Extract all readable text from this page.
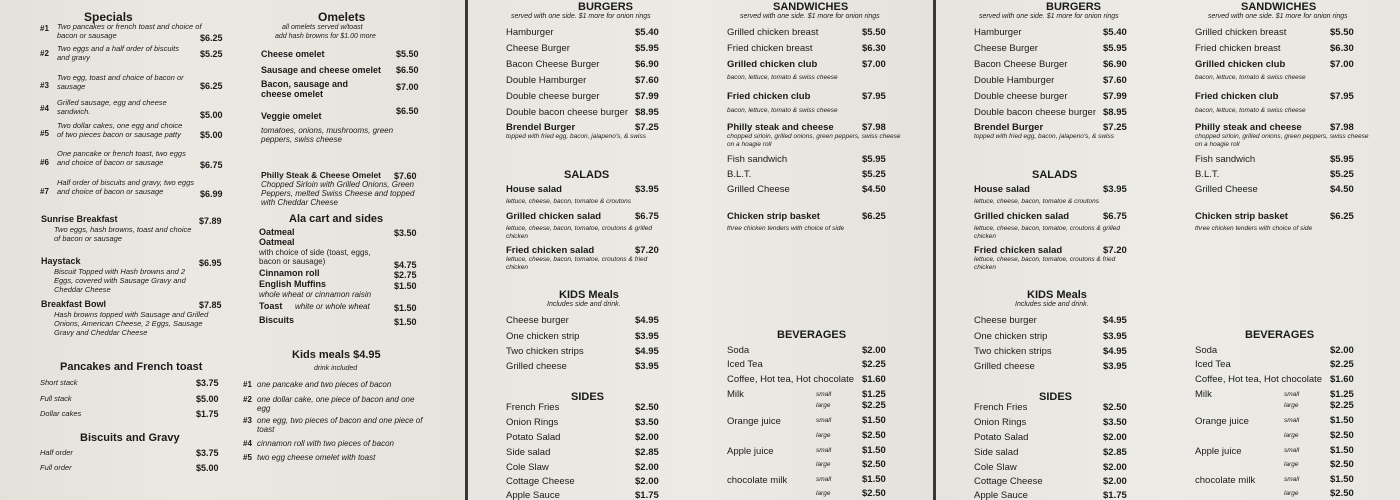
Specials
#1 Two pancakes or french toast and choice of bacon or sausage	$6.25
#2
Two eggs and a half order of biscuits and gravy	$5.25
#3
Two egg, toast and choice of bacon or sausage	$6.25
#4
Grilled sausage, egg and cheese sandwich.	$5.00
#5
Two dollar cakes, one egg and choice of two pieces bacon or sausage patty	$5.00
#6
One pancake or french toast, two eggs and choice of bacon or sausage	$6.75
#7
Half order of biscuits and gravy, two eggs and choice of bacon or sausage	$6.99
Sunrise Breakfast	$7.89
Two eggs, hash browns, toast and choice of bacon or sausage
Haystack	$6.95
Biscuit Topped with Hash browns and 2 Eggs, covered with Sausage Gravy and Cheddar Cheese
Breakfast Bowl	$7.85
Hash browns topped with Sausage and Grilled Onions, American Cheese, 2 Eggs, Sausage Gravy and Cheddar Cheese
Pancakes and French toast
Short stack	$3.75
Full stack	$5.00
Dollar cakes	$1.75
Biscuits and Gravy
Half order	$3.75
Full order	$5.00
Omelets
all omelets served w/toast
add hash browns for $1.00 more
Cheese omelet	$5.50
Sausage and cheese omelet $6.50
Bacon, sausage and cheese omelet
$7.00
Veggie omelet	$6.50
tomatoes, onions, mushrooms, green peppers, swiss cheese
Philly Steak & Cheese Omelet $7.60
Chopped Sirloin with Grilled Onions, Green Peppers, melted Swiss Cheese and topped with Cheddar Cheese
Ala cart and sides
Oatmeal	$3.50
Oatmeal
with choice of side (toast, eggs, bacon or sausage)	$4.75
Cinnamon roll	$2.75
English Muffins	$1.50
whole wheat or cinnamon raisin
Toast white or whole wheat	$1.50
Biscuits	$1.50
Kids meals $4.95
drink included
#1 one pancake and two pieces of bacon
#2 one dollar cake, one piece of bacon and one egg
#3 one egg, two pieces of bacon and one piece of toast
#4 cinnamon roll with two pieces of bacon
#5 two egg cheese omelet with toast
BURGERS
served with one side. $1 more for onion rings
Hamburger	$5.40
Cheese Burger	$5.95
Bacon Cheese Burger	$6.90
Double Hamburger	$7.60
Double cheese burger	$7.99
Double bacon cheese burger $8.95
Brendel Burger	$7.25
topped with fried egg, bacon, jalapeno's, & swiss
SALADS
House salad	$3.95
lettuce, cheese, bacon, tomatoe & croutons
Grilled chicken salad	$6.75
lettuce, cheese, bacon, tomatoe, croutons & grilled chicken
Fried chicken salad	$7.20
lettuce, cheese, bacon, tomatoe, croutons & fried chicken
KIDS Meals
Includes side and drink.
Cheese burger	$4.95
One chicken strip	$3.95
Two chicken strips	$4.95
Grilled cheese	$3.95
SIDES
French Fries	$2.50
Onion Rings	$3.50
Potato Salad	$2.00
Side salad	$2.85
Cole Slaw	$2.00
Cottage Cheese	$2.00
Apple Sauce	$1.75
SANDWICHES
served with one side. $1 more for onion rings
Grilled chicken breast	$5.50
Fried chicken breast	$6.30
Grilled chicken club	$7.00
bacon, lettuce, tomato & swiss cheese
Fried chicken club	$7.95
bacon, lettuce, tomato & swiss cheese
Philly steak and cheese	$7.98
chopped sirloin, grilled onions, green peppers, swiss cheese on a hoagie roll
Fish sandwich	$5.95
B.L.T.	$5.25
Grilled Cheese	$4.50
Chicken strip basket	$6.25
three chicken tenders with choice of side
BEVERAGES
Soda	$2.00
Iced Tea	$2.25
Coffee, Hot tea, Hot chocolate $1.60
Milk	small	$1.25
large	$2.25
Orange juice	small	$1.50
large	$2.50
Apple juice	small	$1.50
large	$2.50
chocolate milk	small	$1.50
large	$2.50
BURGERS
served with one side. $1 more for onion rings
Hamburger	$5.40
Cheese Burger	$5.95
Bacon Cheese Burger	$6.90
Double Hamburger	$7.60
Double cheese burger	$7.99
Double bacon cheese burger $8.95
Brendel Burger	$7.25
topped with fried egg, bacon, jalapeno's, & swiss
SALADS
House salad	$3.95
lettuce, cheese, bacon, tomatoe & croutons
Grilled chicken salad	$6.75
lettuce, cheese, bacon, tomatoe, croutons & grilled chicken
Fried chicken salad	$7.20
lettuce, cheese, bacon, tomatoe, croutons & fried chicken
KIDS Meals
Includes side and drink.
Cheese burger	$4.95
One chicken strip	$3.95
Two chicken strips	$4.95
Grilled cheese	$3.95
SIDES
French Fries	$2.50
Onion Rings	$3.50
Potato Salad	$2.00
Side salad	$2.85
Cole Slaw	$2.00
Cottage Cheese	$2.00
Apple Sauce	$1.75
SANDWICHES
served with one side. $1 more for onion rings
Grilled chicken breast	$5.50
Fried chicken breast	$6.30
Grilled chicken club	$7.00
bacon, lettuce, tomato & swiss cheese
Fried chicken club	$7.95
bacon, lettuce, tomato & swiss cheese
Philly steak and cheese	$7.98
chopped sirloin, grilled onions, green peppers, swiss cheese on a hoagie roll
Fish sandwich	$5.95
B.L.T.	$5.25
Grilled Cheese	$4.50
Chicken strip basket	$6.25
three chicken tenders with choice of side
BEVERAGES
Soda	$2.00
Iced Tea	$2.25
Coffee, Hot tea, Hot chocolate $1.60
Milk	small	$1.25
large	$2.25
Orange juice	small	$1.50
large	$2.50
Apple juice	small	$1.50
large	$2.50
chocolate milk	small	$1.50
large	$2.50
